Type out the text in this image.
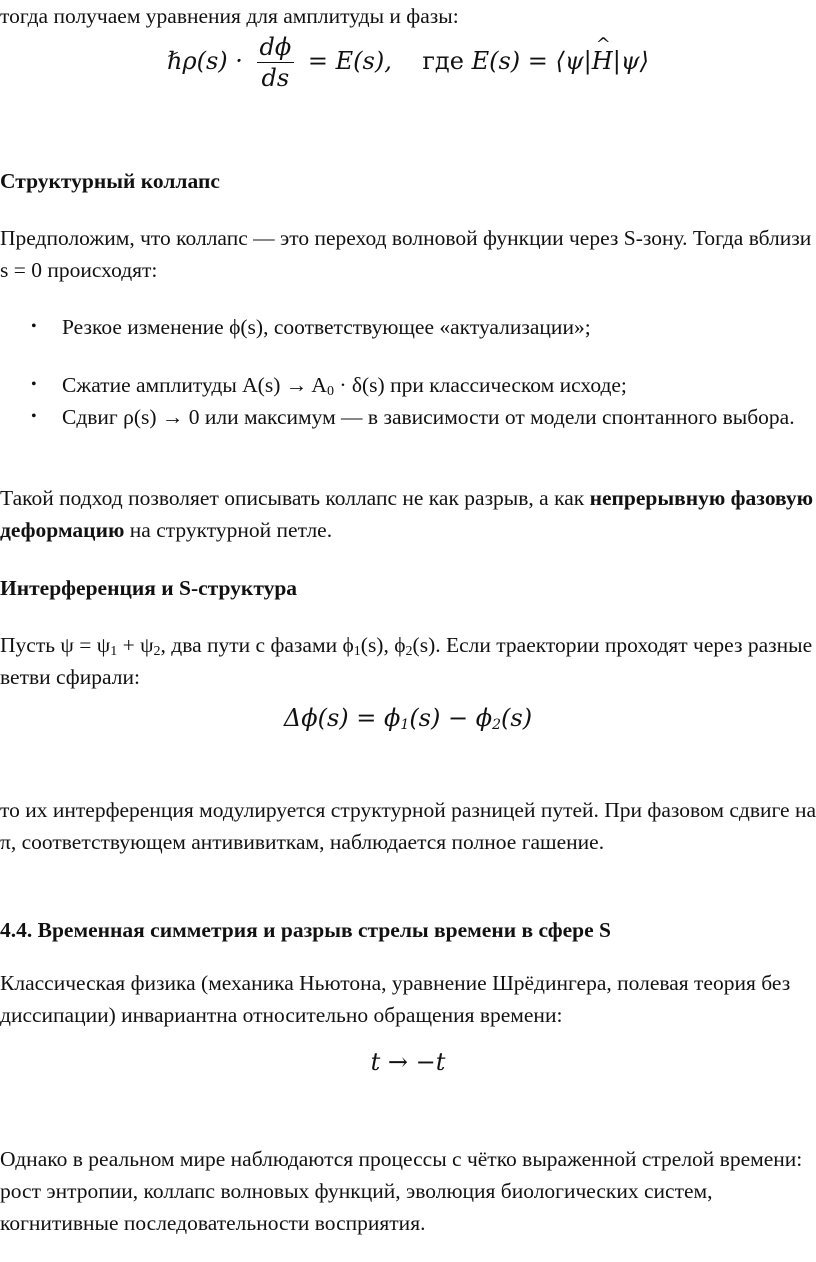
тогда получаем уравнения для амплитуды и фазы:

ℏρ(s) · $\frac{d\phi}{ds} = E(s)$, где E(s) = ⟨ψ|^ H|ψ⟩

Структурный коллапс

Предположим, что коллапс — это переход волновой функции через S-зону. Тогда вблизи s = 0 происходят:

• Резкое изменение ϕ(s), соответствующее «актуализации»;
• Сжатие амплитуды $A(s) \to A_0 \cdot \delta(s)$ при классическом исходе;
• Сдвиг ρ(s) → 0 или максимум — в зависимости от модели спонтанного выбора.

Такой подход позволяет описывать коллапс не как разрыв, а как непрерывную фазовую деформацию на структурной петле.

Интерференция и S-структура

Пусть $\psi = \psi_1 + \psi_2$, два пути с фазами $\phi_1(s)$, $\phi_2(s)$. Если траектории проходят через разные ветви сфирали:

$\Delta\phi(s) = \phi_1(s) - \phi_2(s)$

то их интерференция модулируется структурной разницей путей. При фазовом сдвиге на π, соответствующем антививиткам, наблюдается полное гашение.

4.4. Временная симметрия и разрыв стрелы времени в сфере S

Классическая физика (механика Ньютона, уравнение Шрёдингера, полевая теория без диссипации) инвариантна относительно обращения времени:

t → −t

Однако в реальном мире наблюдаются процессы с чётко выраженной стрелой времени: рост энтропии, коллапс волновых функций, эволюция биологических систем, когнитивные последовательности восприятия.
